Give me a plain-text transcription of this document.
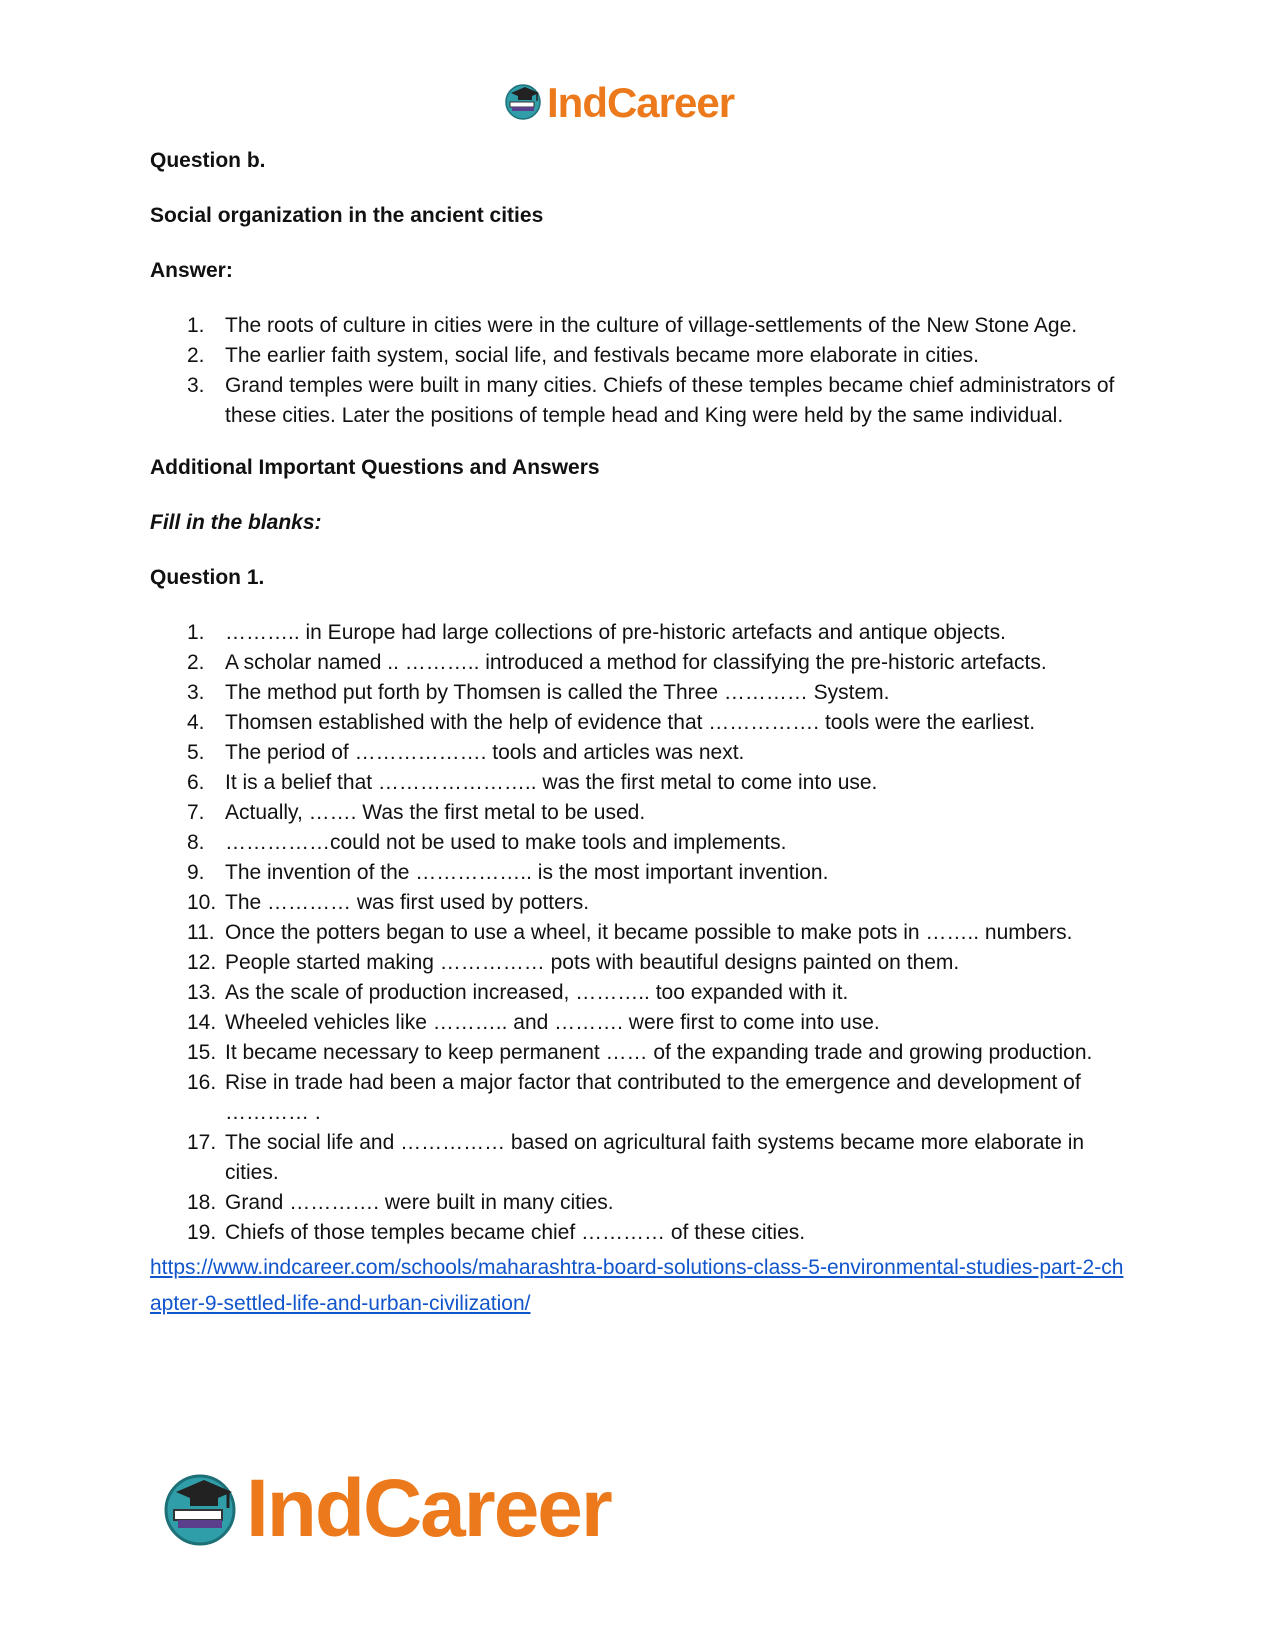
IndCareer
Question b.
Social organization in the ancient cities
Answer:
1. The roots of culture in cities were in the culture of village-settlements of the New Stone Age.
2. The earlier faith system, social life, and festivals became more elaborate in cities.
3. Grand temples were built in many cities. Chiefs of these temples became chief administrators of these cities. Later the positions of temple head and King were held by the same individual.
Additional Important Questions and Answers
Fill in the blanks:
Question 1.
1. ……….. in Europe had large collections of pre-historic artefacts and antique objects.
2. A scholar named .. ……….. introduced a method for classifying the pre-historic artefacts.
3. The method put forth by Thomsen is called the Three ………… System.
4. Thomsen established with the help of evidence that ……………. tools were the earliest.
5. The period of ………………. tools and articles was next.
6. It is a belief that ………………….. was the first metal to come into use.
7. Actually, ……. Was the first metal to be used.
8. ……………could not be used to make tools and implements.
9. The invention of the …………….. is the most important invention.
10. The ………… was first used by potters.
11. Once the potters began to use a wheel, it became possible to make pots in …….. numbers.
12. People started making …………… pots with beautiful designs painted on them.
13. As the scale of production increased, ……….. too expanded with it.
14. Wheeled vehicles like ……….. and ………. were first to come into use.
15. It became necessary to keep permanent …… of the expanding trade and growing production.
16. Rise in trade had been a major factor that contributed to the emergence and development of ………… .
17. The social life and …………… based on agricultural faith systems became more elaborate in cities.
18. Grand …………. were built in many cities.
19. Chiefs of those temples became chief ………… of these cities.
https://www.indcareer.com/schools/maharashtra-board-solutions-class-5-environmental-studies-part-2-chapter-9-settled-life-and-urban-civilization/
IndCareer
